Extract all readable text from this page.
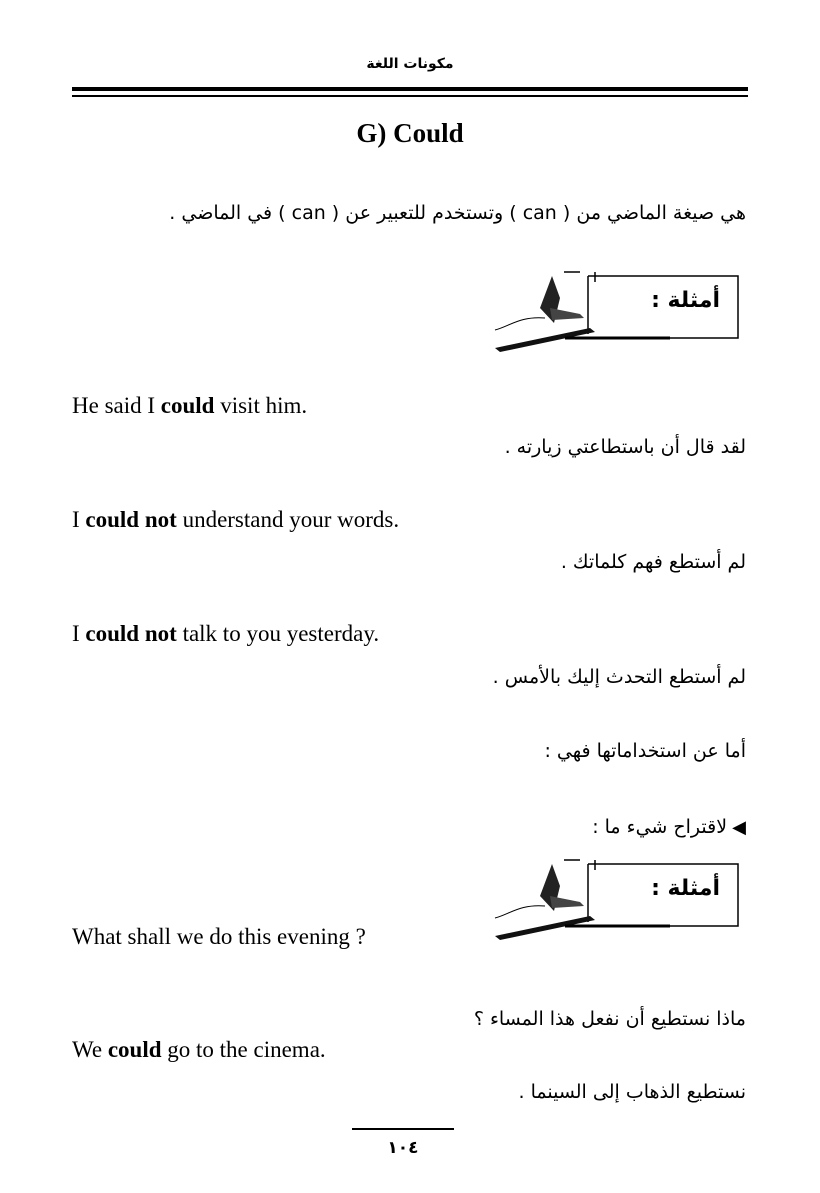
مكونات اللغة
G) Could
هي صيغة الماضي من ( can ) وتستخدم للتعبير عن ( can ) في الماضي .
أمثلة :
He said I could visit him.
لقد قال أن باستطاعتي زيارته .
I could not understand your words.
لم أستطع فهم كلماتك .
I could not talk to you yesterday.
لم أستطع التحدث إليك بالأمس .
أما عن استخداماتها فهي :
◀ لاقتراح شيء ما :
أمثلة :
What shall we do this evening ?
ماذا نستطيع أن نفعل هذا المساء ؟
We could go to the cinema.
نستطيع الذهاب إلى السينما .
١٠٤
